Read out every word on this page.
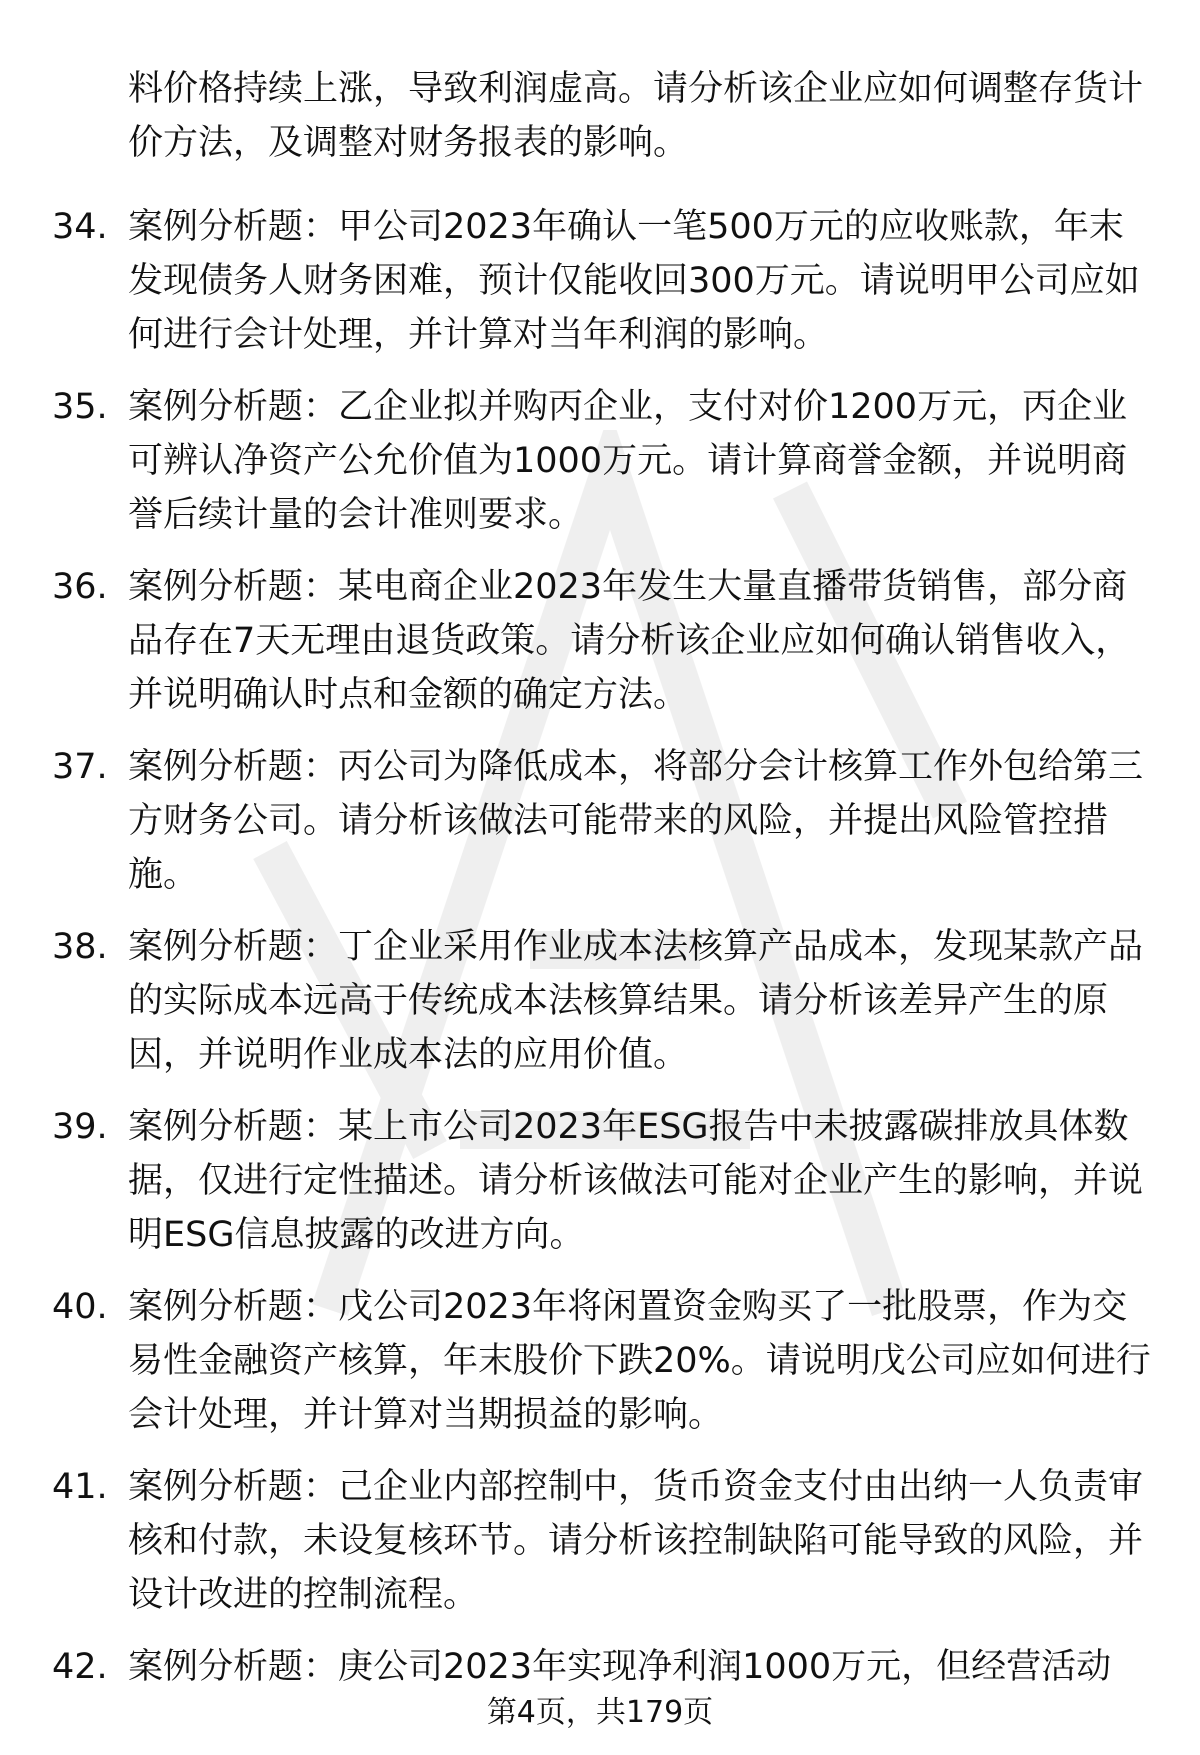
料价格持续上涨，导致利润虚高。请分析该企业应如何调整存货计价方法，及调整对财务报表的影响。
34. 案例分析题：甲公司2023年确认一笔500万元的应收账款，年末发现债务人财务困难，预计仅能收回300万元。请说明甲公司应如何进行会计处理，并计算对当年利润的影响。
35. 案例分析题：乙企业拟并购丙企业，支付对价1200万元，丙企业可辨认净资产公允价值为1000万元。请计算商誉金额，并说明商誉后续计量的会计准则要求。
36. 案例分析题：某电商企业2023年发生大量直播带货销售，部分商品存在7天无理由退货政策。请分析该企业应如何确认销售收入，并说明确认时点和金额的确定方法。
37. 案例分析题：丙公司为降低成本，将部分会计核算工作外包给第三方财务公司。请分析该做法可能带来的风险，并提出风险管控措施。
38. 案例分析题：丁企业采用作业成本法核算产品成本，发现某款产品的实际成本远高于传统成本法核算结果。请分析该差异产生的原因，并说明作业成本法的应用价值。
39. 案例分析题：某上市公司2023年ESG报告中未披露碳排放具体数据，仅进行定性描述。请分析该做法可能对企业产生的影响，并说明ESG信息披露的改进方向。
40. 案例分析题：戊公司2023年将闲置资金购买了一批股票，作为交易性金融资产核算，年末股价下跌20%。请说明戊公司应如何进行会计处理，并计算对当期损益的影响。
41. 案例分析题：己企业内部控制中，货币资金支付由出纳一人负责审核和付款，未设复核环节。请分析该控制缺陷可能导致的风险，并设计改进的控制流程。
42. 案例分析题：庚公司2023年实现净利润1000万元，但经营活动
第4页，共179页
